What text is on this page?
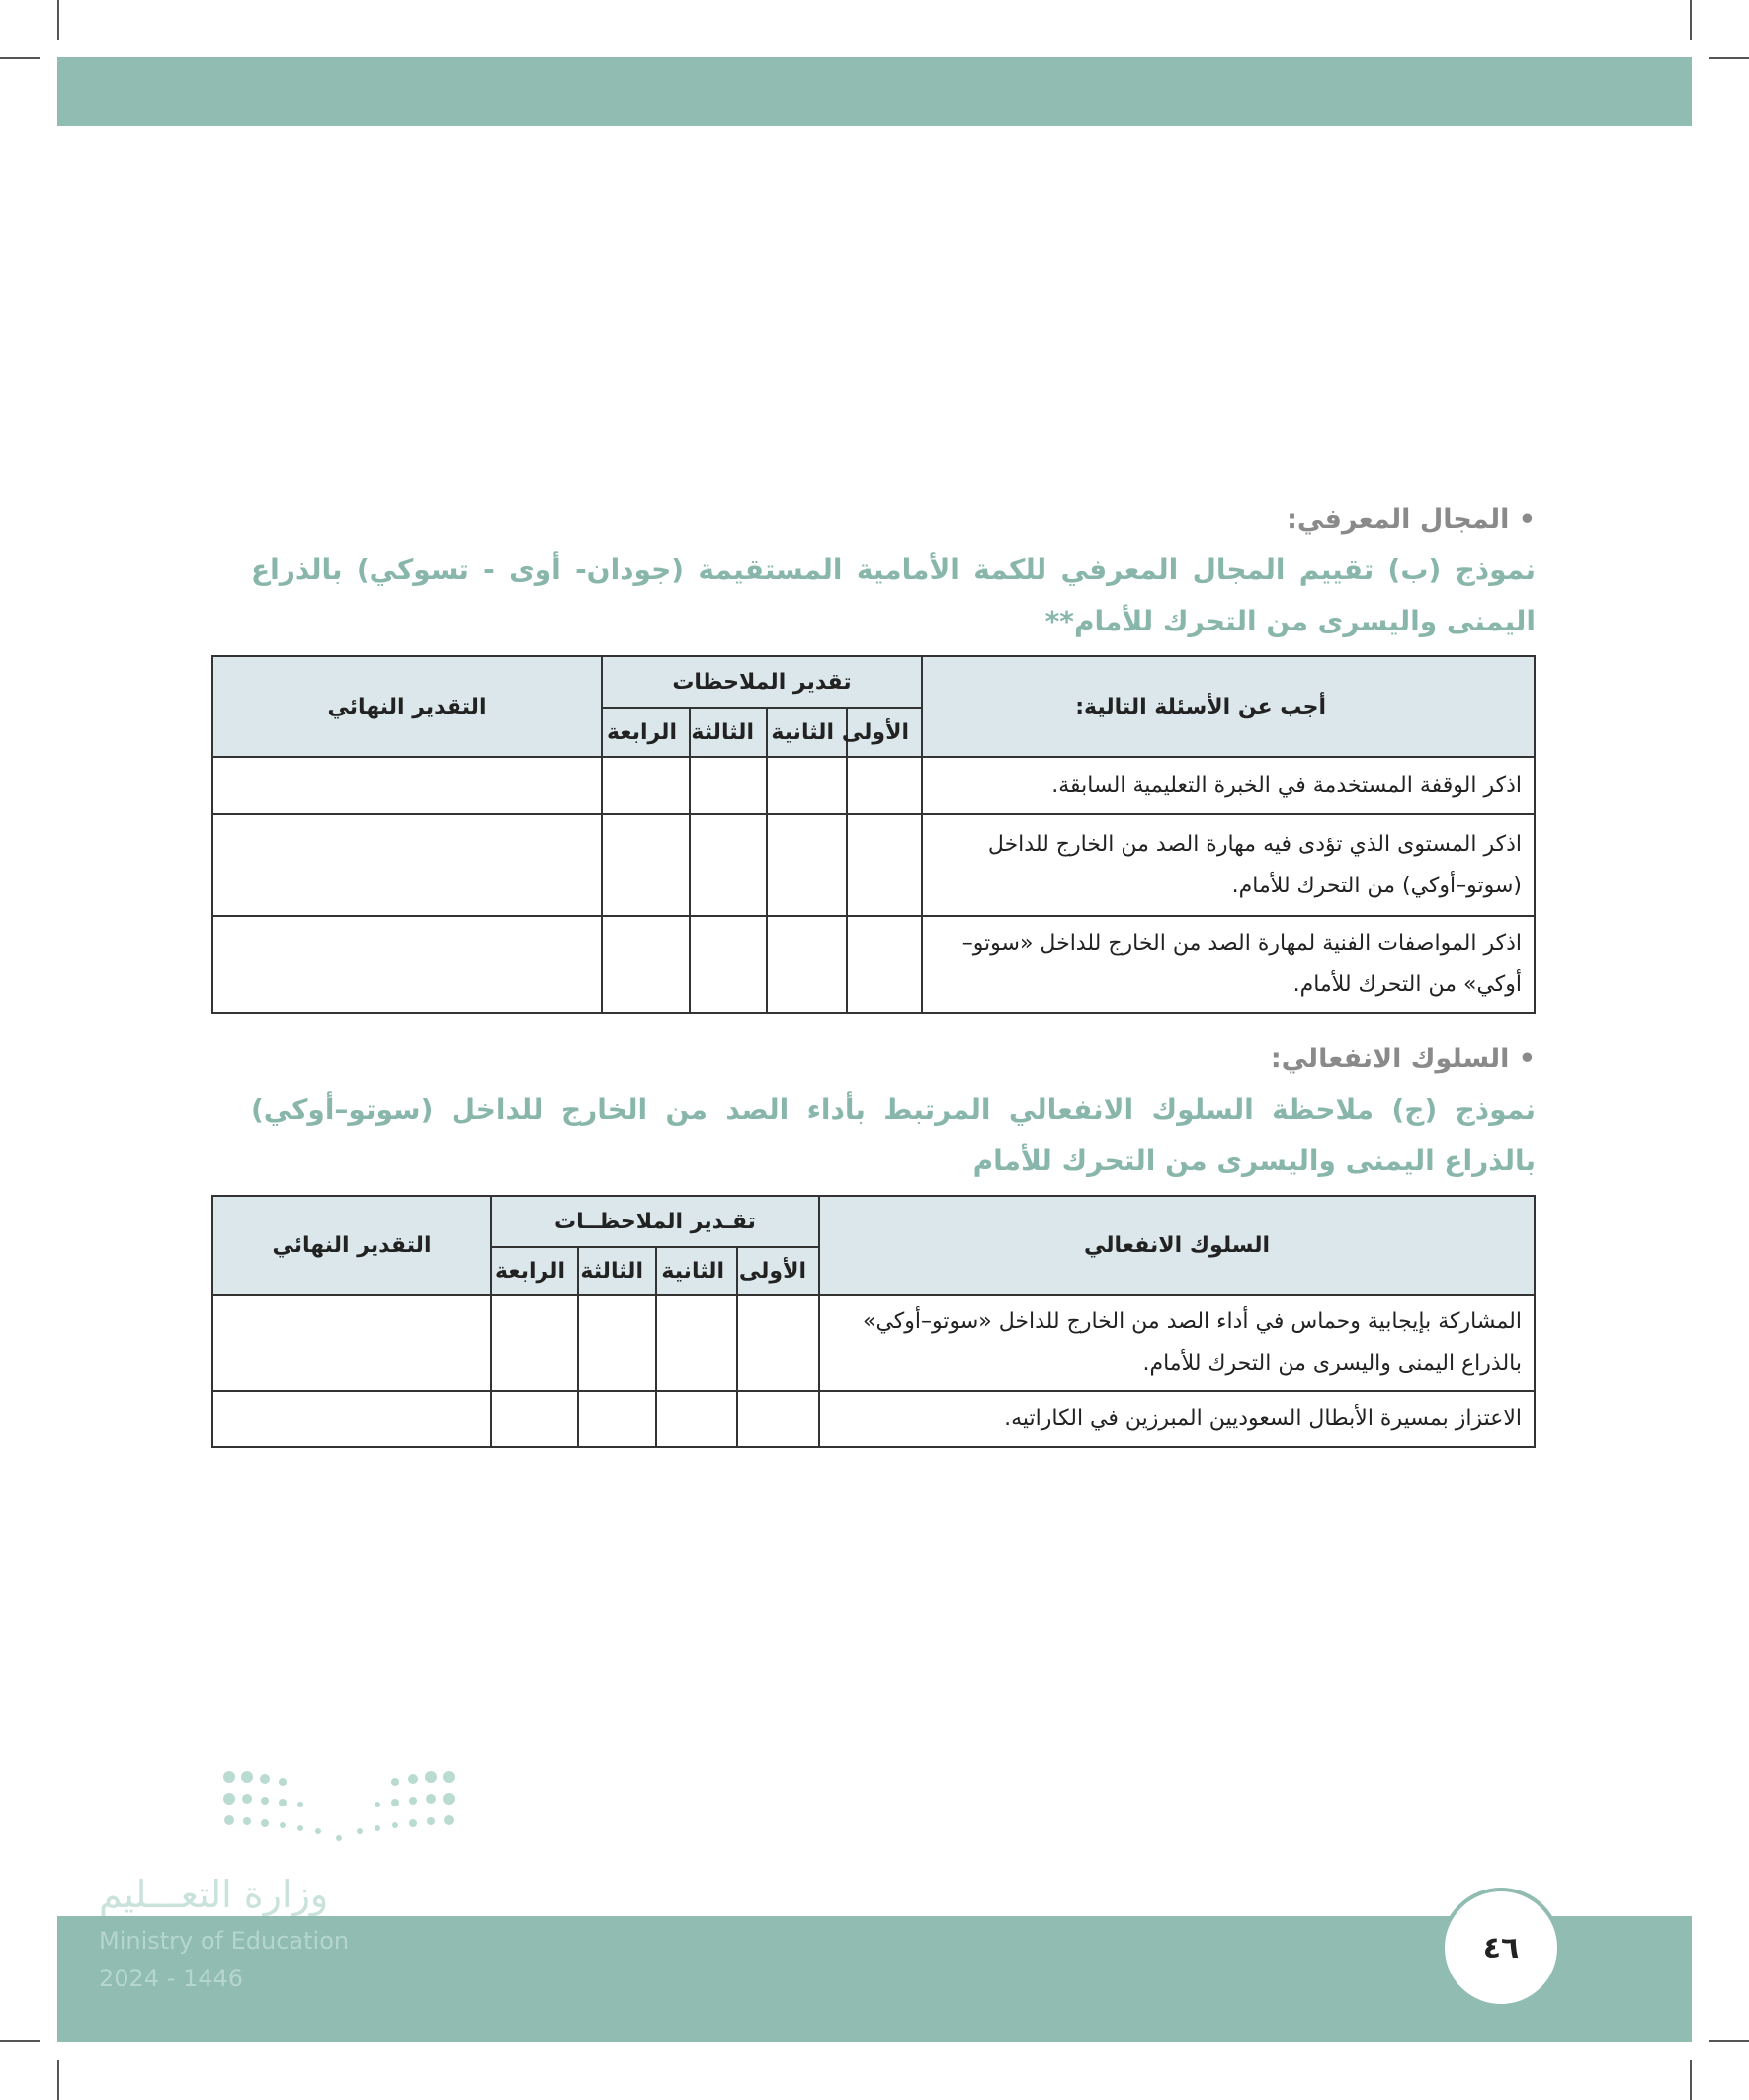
• المجال المعرفي:
نموذج (ب) تقييم المجال المعرفي للكمة الأمامية المستقيمة (جودان- أوى - تسوكي) بالذراع اليمنى واليسرى من التحرك للأمام**
أجب عن الأسئلة التالية:	تقدير الملاحظات				التقدير النهائي
	الأولى	الثانية	الثالثة	الرابعة	
اذكر الوقفة المستخدمة في الخبرة التعليمية السابقة.					
اذكر المستوى الذي تؤدى فيه مهارة الصد من الخارج للداخل (سوتو–أوكي) من التحرك للأمام.					
اذكر المواصفات الفنية لمهارة الصد من الخارج للداخل «سوتو–أوكي» من التحرك للأمام.					
• السلوك الانفعالي:
نموذج (ج) ملاحظة السلوك الانفعالي المرتبط بأداء الصد من الخارج للداخل (سوتو–أوكي) بالذراع اليمنى واليسرى من التحرك للأمام
السلوك الانفعالي	تقـدير الملاحظــات				التقدير النهائي
	الأولى	الثانية	الثالثة	الرابعة	
المشاركة بإيجابية وحماس في أداء الصد من الخارج للداخل «سوتو–أوكي» بالذراع اليمنى واليسرى من التحرك للأمام.					
الاعتزاز بمسيرة الأبطال السعوديين المبرزين في الكاراتيه.					
وزارة التعـــليم
Ministry of Education
2024 - 1446
٤٦
